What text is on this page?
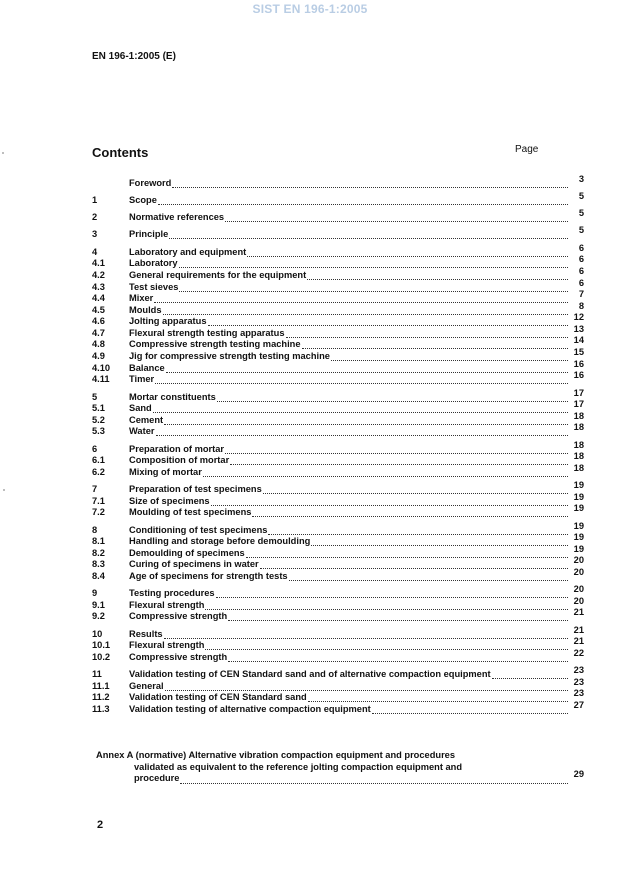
SIST EN 196-1:2005
EN 196-1:2005 (E)
Contents	Page
Foreword	3
1	Scope	5
2	Normative references	5
3	Principle	5
4	Laboratory and equipment	6
4.1	Laboratory	6
4.2	General requirements for the equipment	6
4.3	Test sieves	6
4.4	Mixer	7
4.5	Moulds	8
4.6	Jolting apparatus	12
4.7	Flexural strength testing apparatus	13
4.8	Compressive strength testing machine	14
4.9	Jig for compressive strength testing machine	15
4.10	Balance	16
4.11	Timer	16
5	Mortar constituents	17
5.1	Sand	17
5.2	Cement	18
5.3	Water	18
6	Preparation of mortar	18
6.1	Composition of mortar	18
6.2	Mixing of mortar	18
7	Preparation of test specimens	19
7.1	Size of specimens	19
7.2	Moulding of test specimens	19
8	Conditioning of test specimens	19
8.1	Handling and storage before demoulding	19
8.2	Demoulding of specimens	19
8.3	Curing of specimens in water	20
8.4	Age of specimens for strength tests	20
9	Testing procedures	20
9.1	Flexural strength	20
9.2	Compressive strength	21
10	Results	21
10.1	Flexural strength	21
10.2	Compressive strength	22
11	Validation testing of CEN Standard sand and of alternative compaction equipment	23
11.1	General	23
11.2	Validation testing of CEN Standard sand	23
11.3	Validation testing of alternative compaction equipment	27
Annex A (normative) Alternative vibration compaction equipment and procedures
validated as equivalent to the reference jolting compaction equipment and
procedure	29
2
